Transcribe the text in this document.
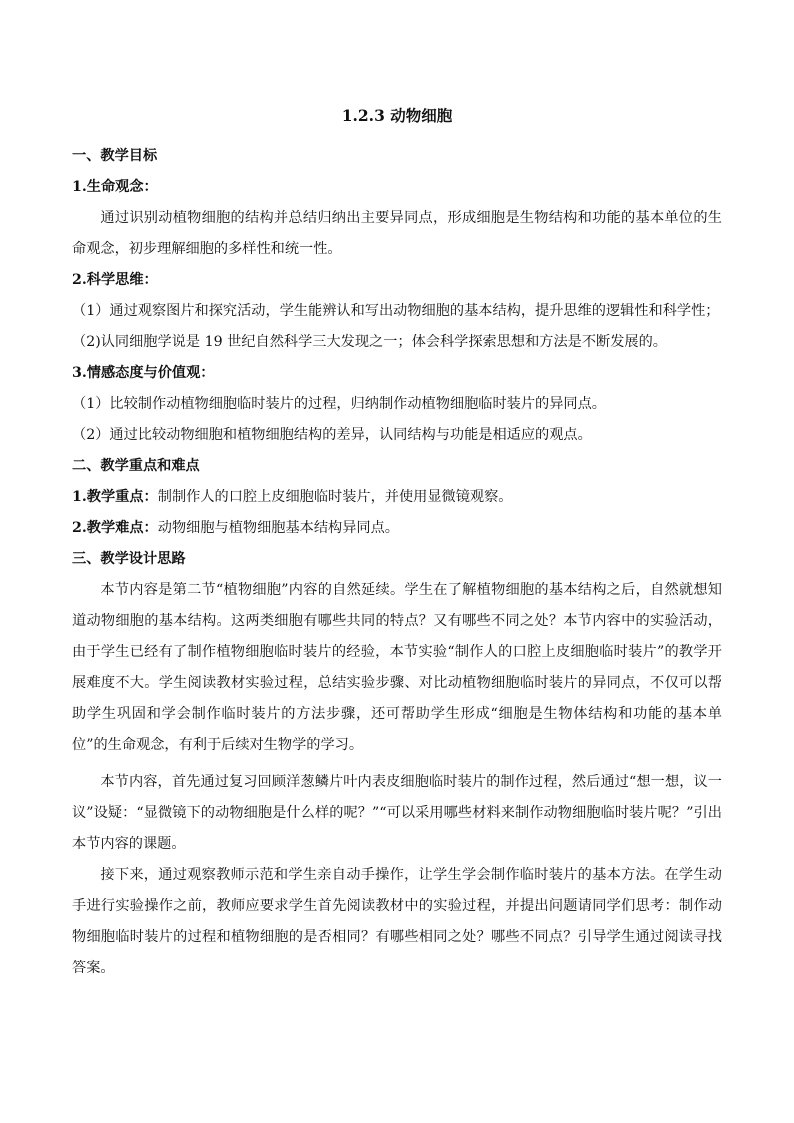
1.2.3 动物细胞

一、教学目标

1.生命观念：

通过识别动植物细胞的结构并总结归纳出主要异同点，形成细胞是生物结构和功能的基本单位的生命观念，初步理解细胞的多样性和统一性。

2.科学思维：

（1）通过观察图片和探究活动，学生能辨认和写出动物细胞的基本结构，提升思维的逻辑性和科学性；

（2)认同细胞学说是 19 世纪自然科学三大发现之一；体会科学探索思想和方法是不断发展的。

3.情感态度与价值观：

（1）比较制作动植物细胞临时装片的过程，归纳制作动植物细胞临时装片的异同点。

（2）通过比较动物细胞和植物细胞结构的差异，认同结构与功能是相适应的观点。

二、教学重点和难点

1.教学重点：制制作人的口腔上皮细胞临时装片，并使用显微镜观察。

2.教学难点：动物细胞与植物细胞基本结构异同点。

三、教学设计思路

本节内容是第二节“植物细胞”内容的自然延续。学生在了解植物细胞的基本结构之后，自然就想知道动物细胞的基本结构。这两类细胞有哪些共同的特点？又有哪些不同之处？本节内容中的实验活动，由于学生已经有了制作植物细胞临时装片的经验，本节实验“制作人的口腔上皮细胞临时装片”的教学开展难度不大。学生阅读教材实验过程，总结实验步骤、对比动植物细胞临时装片的异同点，不仅可以帮助学生巩固和学会制作临时装片的方法步骤，还可帮助学生形成“细胞是生物体结构和功能的基本单位”的生命观念，有利于后续对生物学的学习。

本节内容，首先通过复习回顾洋葱鳞片叶内表皮细胞临时装片的制作过程，然后通过“想一想，议一议”设疑：“显微镜下的动物细胞是什么样的呢？”“可以采用哪些材料来制作动物细胞临时装片呢？”引出本节内容的课题。

接下来，通过观察教师示范和学生亲自动手操作，让学生学会制作临时装片的基本方法。在学生动手进行实验操作之前，教师应要求学生首先阅读教材中的实验过程，并提出问题请同学们思考：制作动物细胞临时装片的过程和植物细胞的是否相同？有哪些相同之处？哪些不同点？引导学生通过阅读寻找答案。
